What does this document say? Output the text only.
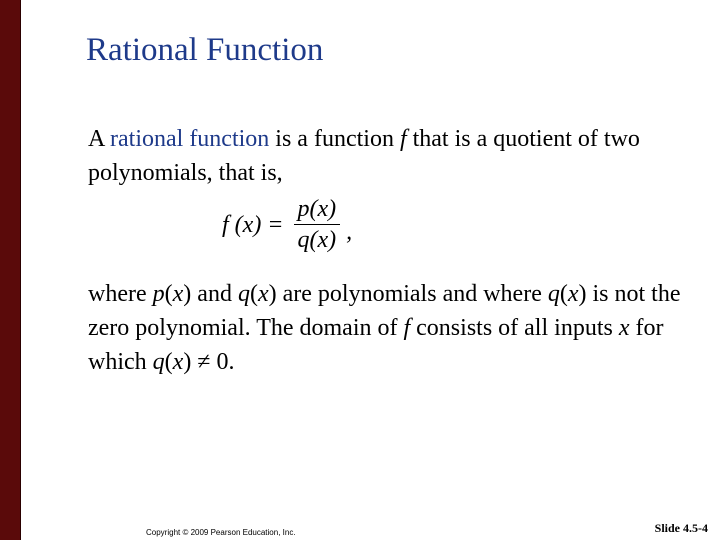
Rational Function
A rational function is a function f that is a quotient of two polynomials, that is,
f $(x) = \frac{p(x)}{q(x)}$ ,
where p(x) and q(x) are polynomials and where q(x) is not the zero polynomial. The domain of f consists of all inputs x for which q(x) ≠ 0.
Copyright © 2009 Pearson Education, Inc.	Slide 4.5-4
